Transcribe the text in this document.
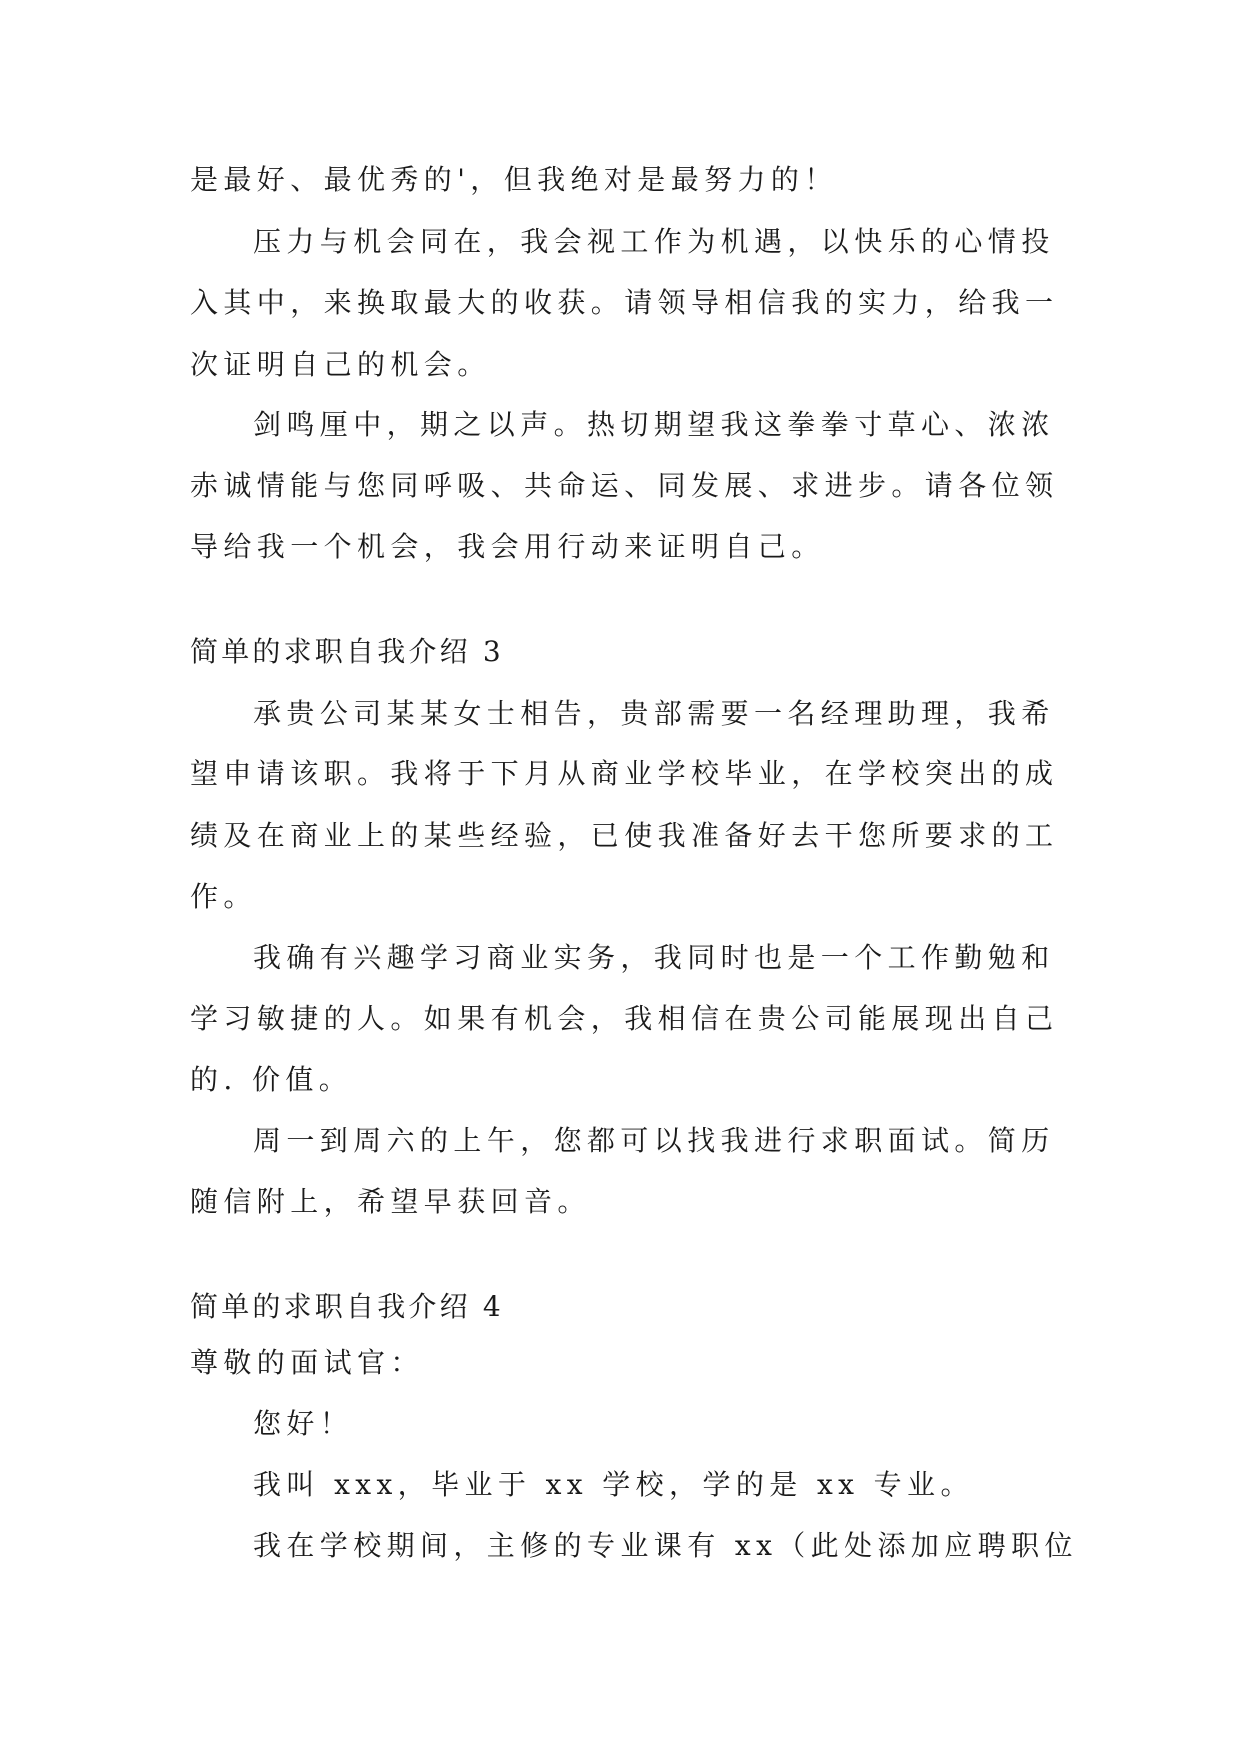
是最好、最优秀的'，但我绝对是最努力的！
压力与机会同在，我会视工作为机遇，以快乐的心情投
入其中，来换取最大的收获。请领导相信我的实力，给我一
次证明自己的机会。
剑鸣厘中，期之以声。热切期望我这拳拳寸草心、浓浓
赤诚情能与您同呼吸、共命运、同发展、求进步。请各位领
导给我一个机会，我会用行动来证明自己。
简单的求职自我介绍 3
承贵公司某某女士相告，贵部需要一名经理助理，我希
望申请该职。我将于下月从商业学校毕业，在学校突出的成
绩及在商业上的某些经验，已使我准备好去干您所要求的工
作。
我确有兴趣学习商业实务，我同时也是一个工作勤勉和
学习敏捷的人。如果有机会，我相信在贵公司能展现出自己
的. 价值。
周一到周六的上午，您都可以找我进行求职面试。简历
随信附上，希望早获回音。
简单的求职自我介绍 4
尊敬的面试官：
您好！
我叫 xxx，毕业于 xx 学校，学的是 xx 专业。
我在学校期间，主修的专业课有 xx（此处添加应聘职位
